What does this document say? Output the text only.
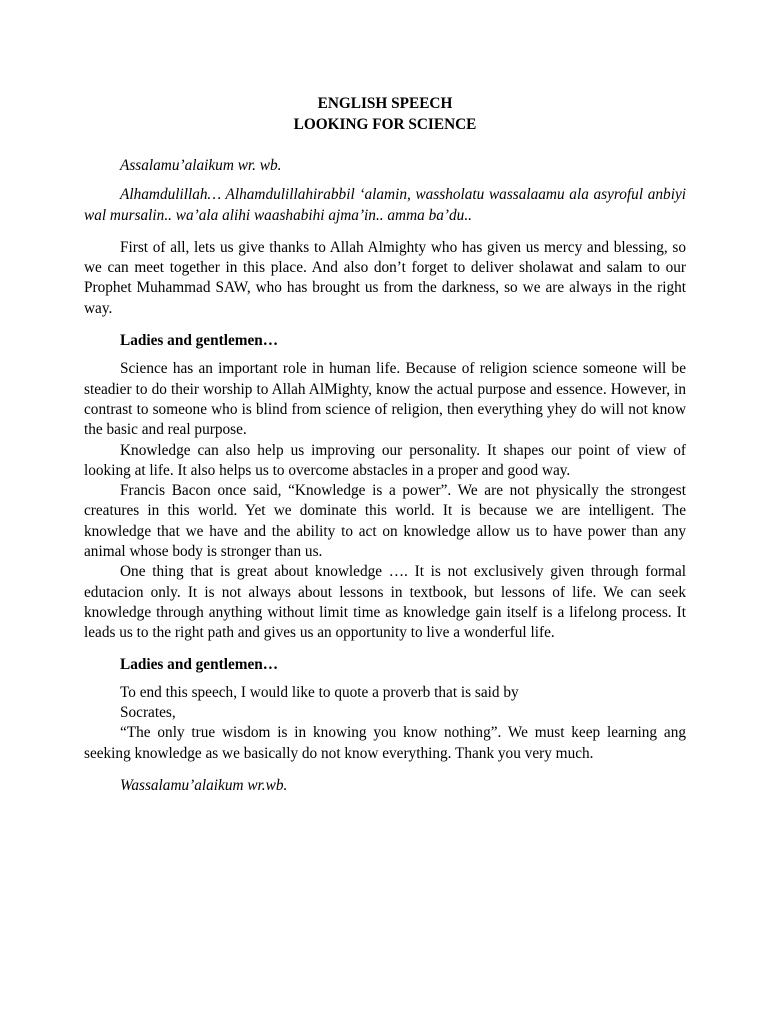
ENGLISH SPEECH
LOOKING FOR SCIENCE

Assalamu’alaikum wr. wb.

Alhamdulillah… Alhamdulillahirabbil ‘alamin, wassholatu wassalaamu ala asyroful anbiyi wal mursalin.. wa’ala alihi waashabihi ajma’in.. amma ba’du..

First of all, lets us give thanks to Allah Almighty who has given us mercy and blessing, so we can meet together in this place. And also don’t forget to deliver sholawat and salam to our Prophet Muhammad SAW, who has brought us from the darkness, so we are always in the right way.

Ladies and gentlemen…

Science has an important role in human life. Because of religion science someone will be steadier to do their worship to Allah AlMighty, know the actual purpose and essence. However, in contrast to someone who is blind from science of religion, then everything yhey do will not know the basic and real purpose.

Knowledge can also help us improving our personality. It shapes our point of view of looking at life. It also helps us to overcome abstacles in a proper and good way.

Francis Bacon once said, “Knowledge is a power”. We are not physically the strongest creatures in this world. Yet we dominate this world. It is because we are intelligent. The knowledge that we have and the ability to act on knowledge allow us to have power than any animal whose body is stronger than us.

One thing that is great about knowledge …. It is not exclusively given through formal edutacion only. It is not always about lessons in textbook, but lessons of life. We can seek knowledge through anything without limit time as knowledge gain itself is a lifelong process. It leads us to the right path and gives us an opportunity to live a wonderful life.

Ladies and gentlemen…

To end this speech, I would like to quote a proverb that is said by
Socrates,

“The only true wisdom is in knowing you know nothing”. We must keep learning ang seeking knowledge as we basically do not know everything. Thank you very much.

Wassalamu’alaikum wr.wb.
